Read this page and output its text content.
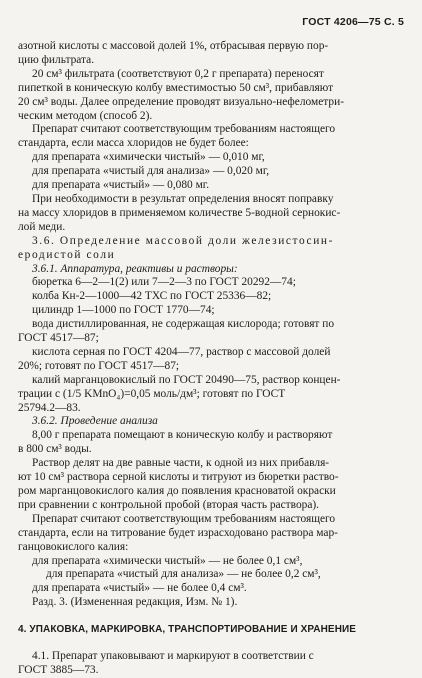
ГОСТ 4206—75 С. 5
азотной кислоты с массовой долей 1%, отбрасывая первую пор-
цию фильтрата.
20 см³ фильтрата (соответствуют 0,2 г препарата) переносят
пипеткой в коническую колбу вместимостью 50 см³, прибавляют
20 см³ воды. Далее определение проводят визуально-нефелометри-
ческим методом (способ 2).
Препарат считают соответствующим требованиям настоящего
стандарта, если масса хлоридов не будет более:
для препарата «химически чистый» — 0,010 мг,
для препарата «чистый для анализа» — 0,020 мг,
для препарата «чистый» — 0,080 мг.
При необходимости в результат определения вносят поправку
на массу хлоридов в применяемом количестве 5-водной сернокис-
лой меди.
3.6. Определение массовой доли железистосин-
еродистой соли
3.6.1. Аппаратура, реактивы и растворы:
бюретка 6—2—1(2) или 7—2—3 по ГОСТ 20292—74;
колба Кн-2—1000—42 ТХС по ГОСТ 25336—82;
цилиндр 1—1000 по ГОСТ 1770—74;
вода дистиллированная, не содержащая кислорода; готовят по
ГОСТ 4517—87;
кислота серная по ГОСТ 4204—77, раствор с массовой долей
20%; готовят по ГОСТ 4517—87;
калий марганцовокислый по ГОСТ 20490—75, раствор концен-
трации с (1/5 KMnO₄)=0,05 моль/дм³; готовят по ГОСТ
25794.2—83.
3.6.2. Проведение анализа
8,00 г препарата помещают в коническую колбу и растворяют
в 800 см³ воды.
Раствор делят на две равные части, к одной из них прибавля-
ют 10 см³ раствора серной кислоты и титруют из бюретки раство-
ром марганцовокислого калия до появления красноватой окраски
при сравнении с контрольной пробой (вторая часть раствора).
Препарат считают соответствующим требованиям настоящего
стандарта, если на титрование будет израсходовано раствора мар-
ганцовокислого калия:
для препарата «химически чистый» — не более 0,1 см³,
для препарата «чистый для анализа» — не более 0,2 см³,
для препарата «чистый» — не более 0,4 см³.
Разд. 3. (Измененная редакция, Изм. № 1).
4. УПАКОВКА, МАРКИРОВКА, ТРАНСПОРТИРОВАНИЕ И ХРАНЕНИЕ
4.1. Препарат упаковывают и маркируют в соответствии с
ГОСТ 3885—73.
